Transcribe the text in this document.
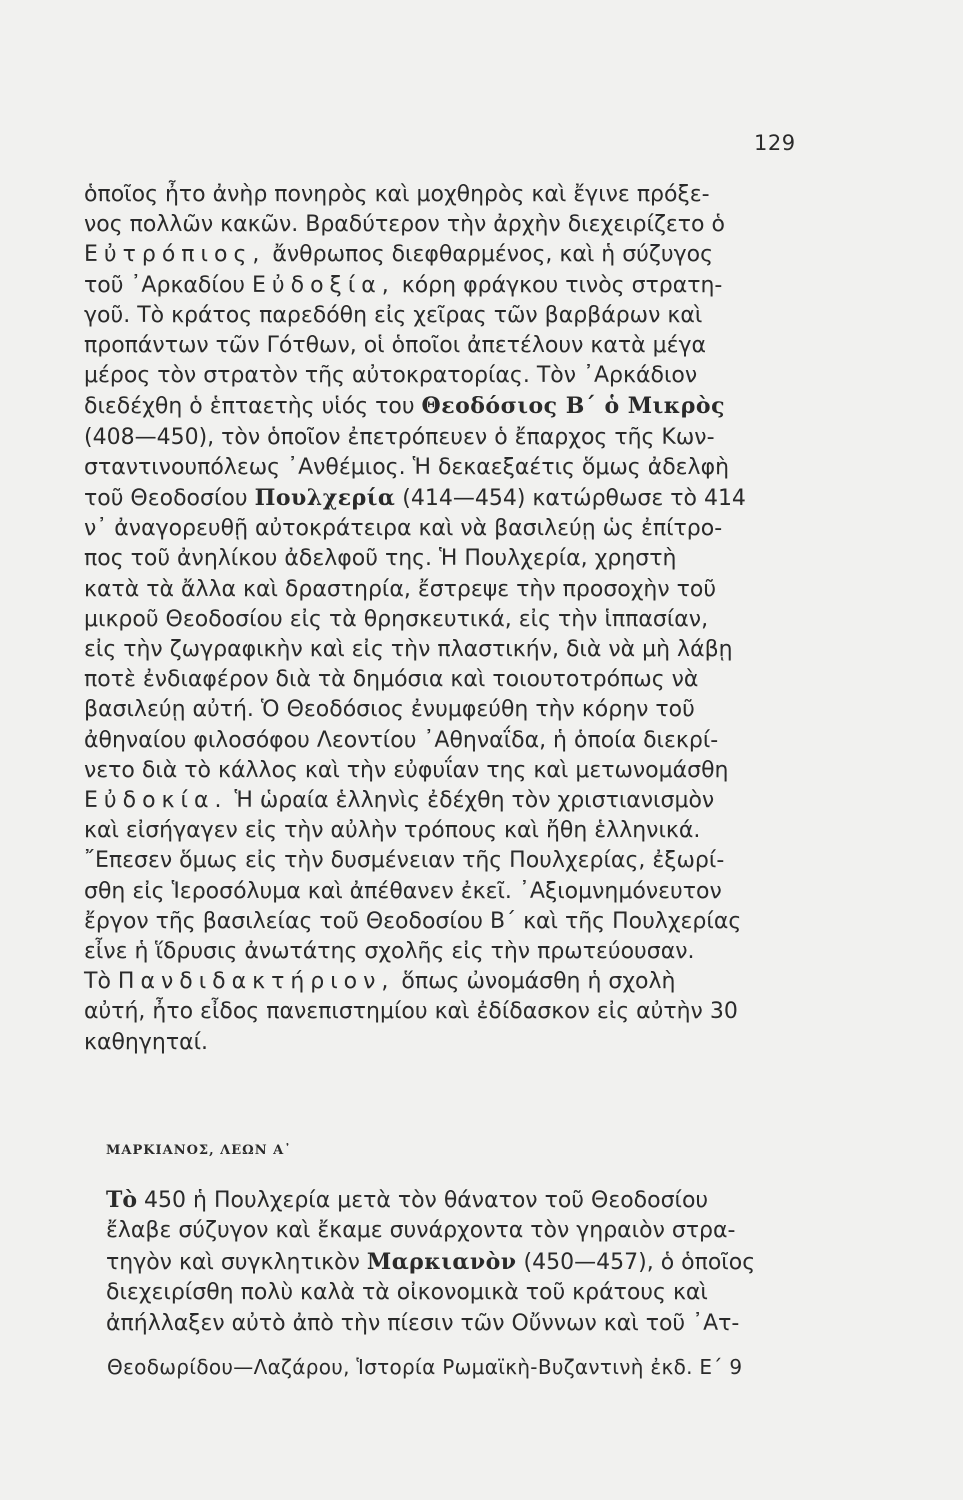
129
ὁποῖος ἦτο ἀνὴρ πονηρὸς καὶ μοχθηρὸς καὶ ἔγινε πρόξε-
νος πολλῶν κακῶν. Βραδύτερον τὴν ἀρχὴν διεχειρίζετο ὁ
Εὐτρόπιος, ἄνθρωπος διεφθαρμένος, καὶ ἡ σύζυγος
τοῦ ᾿Αρκαδίου Εὐδοξία, κόρη φράγκου τινὸς στρατη-
γοῦ. Τὸ κράτος παρεδόθη εἰς χεῖρας τῶν βαρβάρων καὶ
προπάντων τῶν Γότθων, οἱ ὁποῖοι ἀπετέλουν κατὰ μέγα
μέρος τὸν στρατὸν τῆς αὐτοκρατορίας. Τὸν ᾿Αρκάδιον
διεδέχθη ὁ ἑπταετὴς υἱός του Θεοδόσιος Β΄ ὁ Μικρὸς
(408—450), τὸν ὁποῖον ἐπετρόπευεν ὁ ἔπαρχος τῆς Κων-
σταντινουπόλεως ᾿Ανθέμιος. Ἡ δεκαεξαέτις ὅμως ἀδελφὴ
τοῦ Θεοδοσίου Πουλχερία (414—454) κατώρθωσε τὸ 414
ν᾿ ἀναγορευθῇ αὐτοκράτειρα καὶ νὰ βασιλεύῃ ὡς ἐπίτρο-
πος τοῦ ἀνηλίκου ἀδελφοῦ της. Ἡ Πουλχερία, χρηστὴ
κατὰ τὰ ἄλλα καὶ δραστηρία, ἔστρεψε τὴν προσοχὴν τοῦ
μικροῦ Θεοδοσίου εἰς τὰ θρησκευτικά, εἰς τὴν ἱππασίαν,
εἰς τὴν ζωγραφικὴν καὶ εἰς τὴν πλαστικήν, διὰ νὰ μὴ λάβῃ
ποτὲ ἐνδιαφέρον διὰ τὰ δημόσια καὶ τοιουτοτρόπως νὰ
βασιλεύῃ αὐτή. Ὁ Θεοδόσιος ἐνυμφεύθη τὴν κόρην τοῦ
ἀθηναίου φιλοσόφου Λεοντίου ᾿Αθηναΐδα, ἡ ὁποία διεκρί-
νετο διὰ τὸ κάλλος καὶ τὴν εὐφυΐαν της καὶ μετωνομάσθη
Εὐδοκία. Ἡ ὡραία ἑλληνὶς ἐδέχθη τὸν χριστιανισμὸν
καὶ εἰσήγαγεν εἰς τὴν αὐλὴν τρόπους καὶ ἤθη ἑλληνικά.
῎Επεσεν ὅμως εἰς τὴν δυσμένειαν τῆς Πουλχερίας, ἐξωρί-
σθη εἰς Ἱεροσόλυμα καὶ ἀπέθανεν ἐκεῖ. ᾿Αξιομνημόνευτον
ἔργον τῆς βασιλείας τοῦ Θεοδοσίου Β΄ καὶ τῆς Πουλχερίας
εἶνε ἡ ἵδρυσις ἀνωτάτης σχολῆς εἰς τὴν πρωτεύουσαν.
Τὸ Πανδιδακτήριον, ὅπως ὠνομάσθη ἡ σχολὴ
αὐτή, ἦτο εἶδος πανεπιστημίου καὶ ἐδίδασκον εἰς αὐτὴν 30
καθηγηταί.
ΜΑΡΚΙΑΝΟΣ, ΛΕΩΝ Α᾿
Τὸ 450 ἡ Πουλχερία μετὰ τὸν θάνατον τοῦ Θεοδοσίου
ἔλαβε σύζυγον καὶ ἔκαμε συνάρχοντα τὸν γηραιὸν στρα-
τηγὸν καὶ συγκλητικὸν Μαρκιανὸν (450—457), ὁ ὁποῖος
διεχειρίσθη πολὺ καλὰ τὰ οἰκονομικὰ τοῦ κράτους καὶ
ἀπήλλαξεν αὐτὸ ἀπὸ τὴν πίεσιν τῶν Οὔννων καὶ τοῦ ᾿Ατ-
Θεοδωρίδου—Λαζάρου, Ἱστορία Ρωμαϊκὴ-Βυζαντινὴ ἐκδ. Ε΄ 9
